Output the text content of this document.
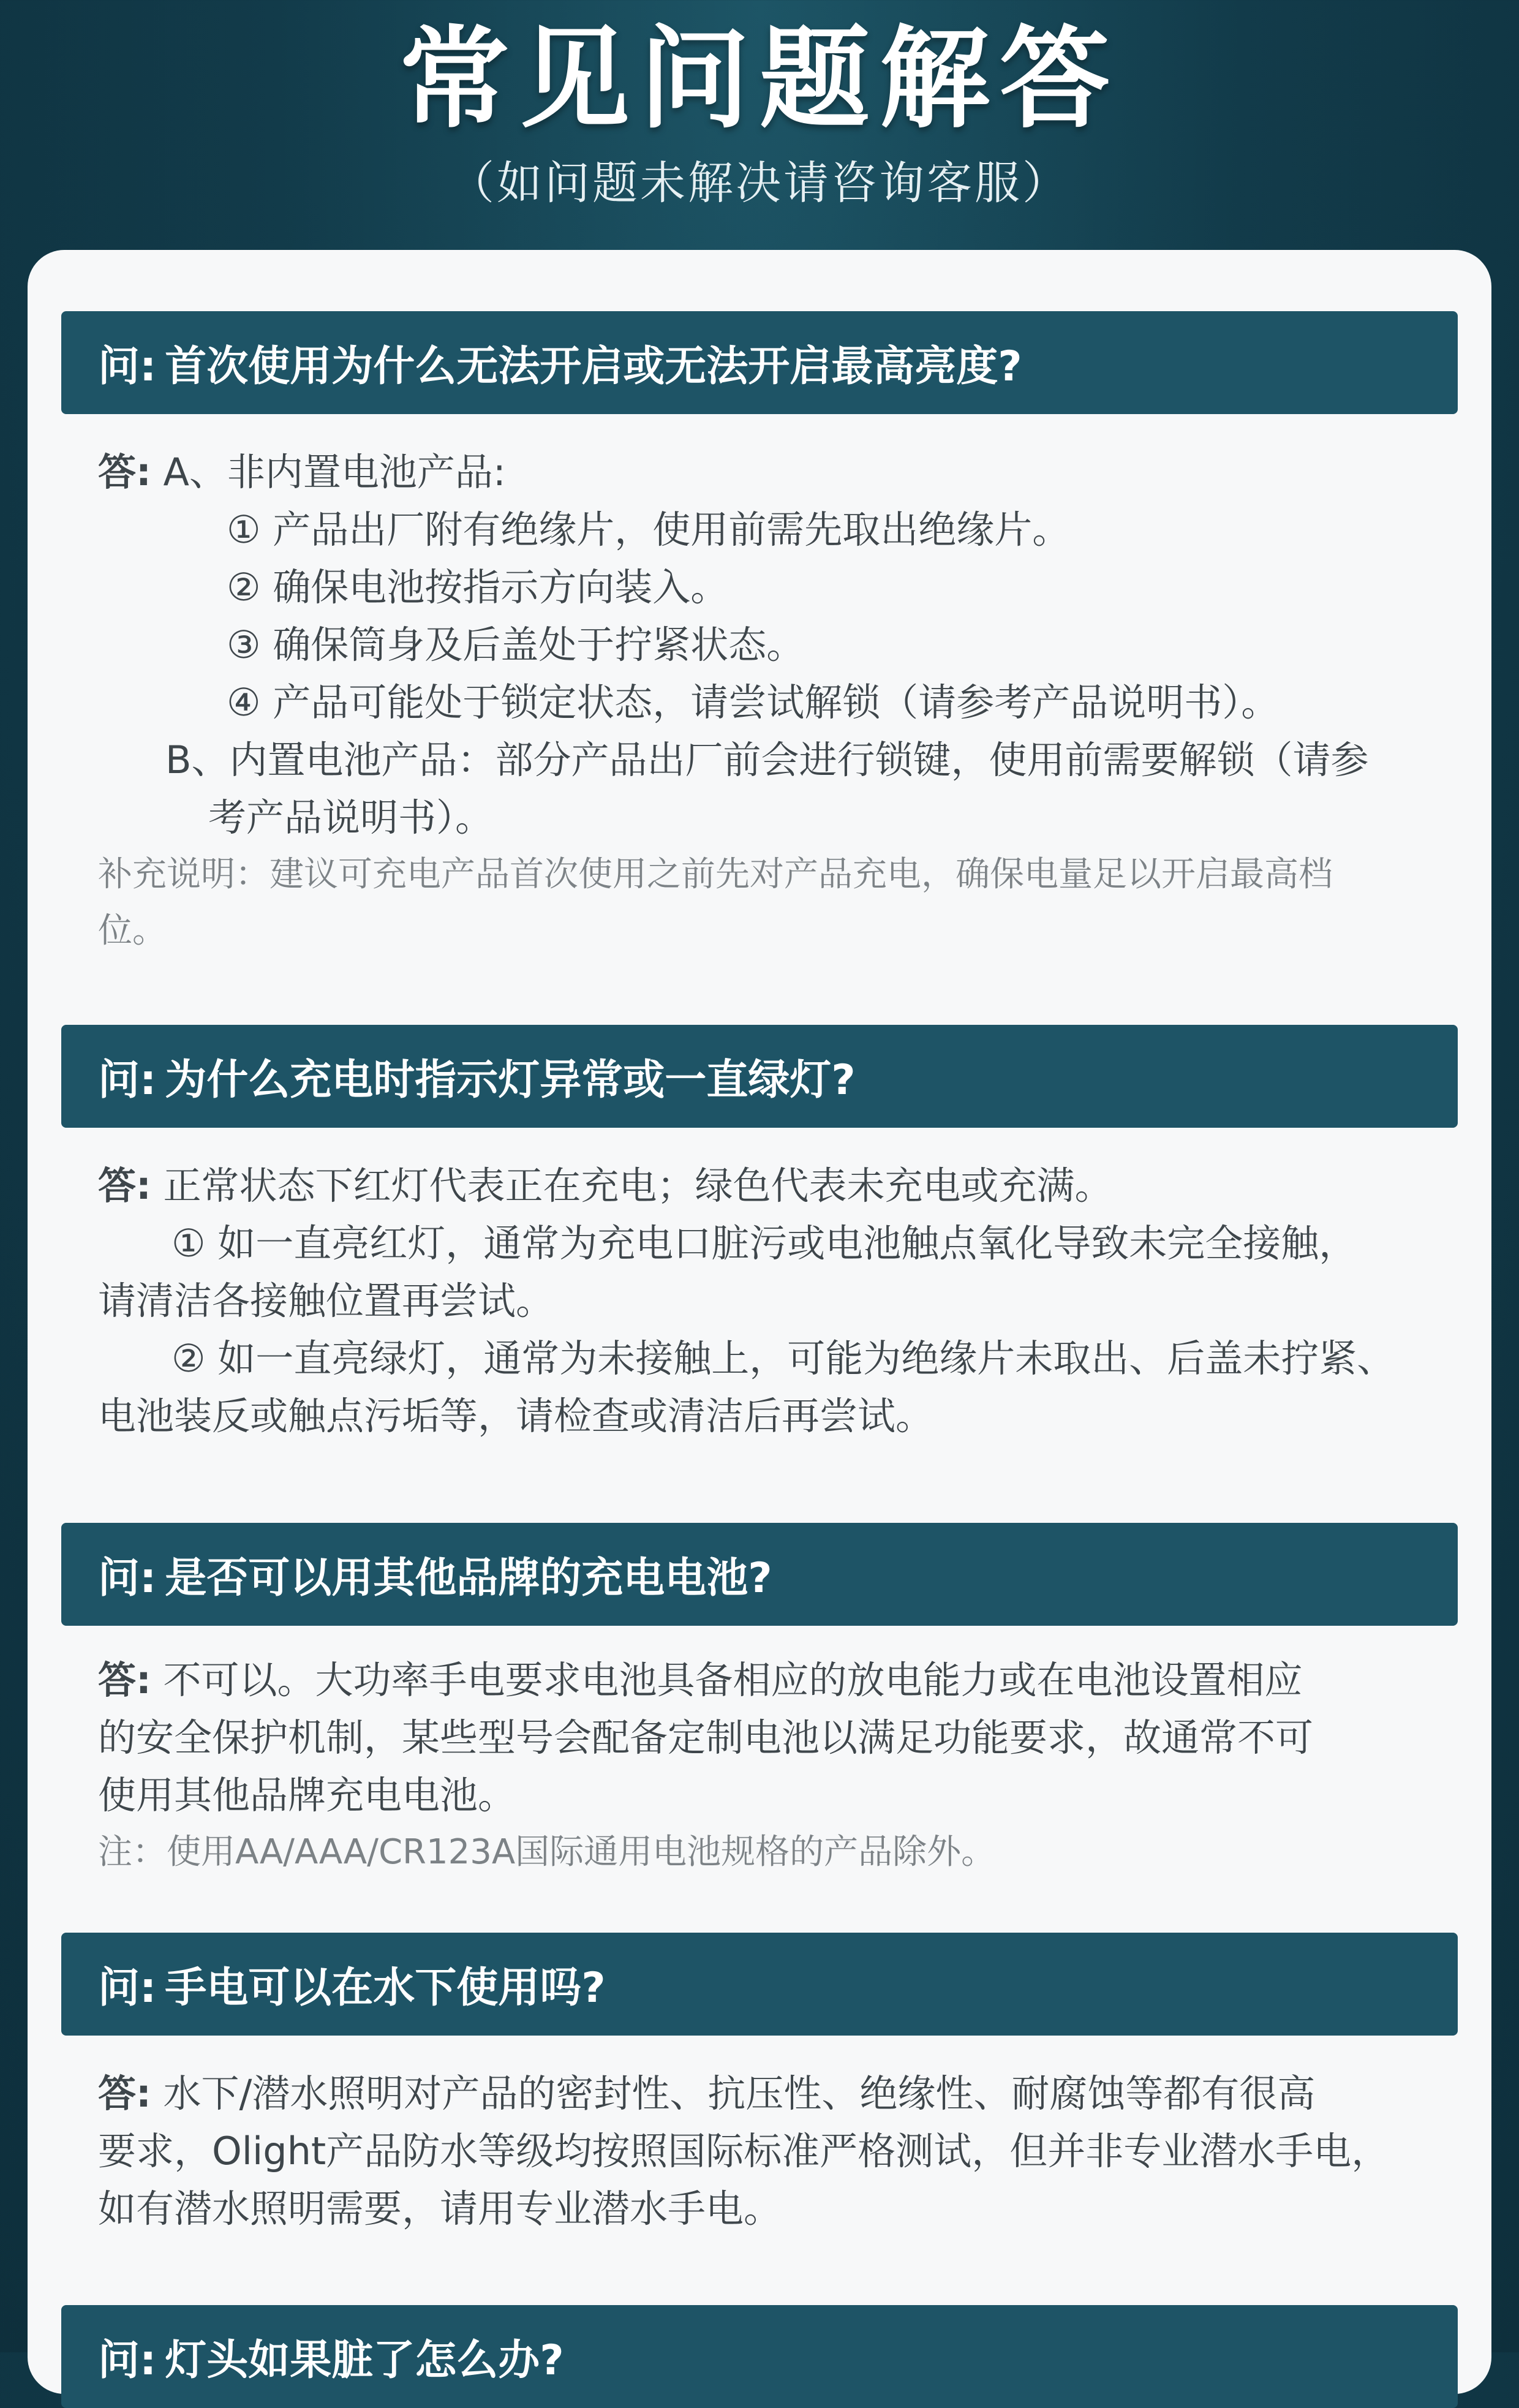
常见问题解答
（如问题未解决请咨询客服）
问: 首次使用为什么无法开启或无法开启最高亮度?
答: A、非内置电池产品:
① 产品出厂附有绝缘片，使用前需先取出绝缘片。
② 确保电池按指示方向装入。
③ 确保筒身及后盖处于拧紧状态。
④ 产品可能处于锁定状态，请尝试解锁（请参考产品说明书）。
B、内置电池产品：部分产品出厂前会进行锁键，使用前需要解锁（请参
考产品说明书）。
补充说明：建议可充电产品首次使用之前先对产品充电，确保电量足以开启最高档
位。
问: 为什么充电时指示灯异常或一直绿灯?
答: 正常状态下红灯代表正在充电；绿色代表未充电或充满。
① 如一直亮红灯，通常为充电口脏污或电池触点氧化导致未完全接触，
请清洁各接触位置再尝试。
② 如一直亮绿灯，通常为未接触上，可能为绝缘片未取出、后盖未拧紧、
电池装反或触点污垢等，请检查或清洁后再尝试。
问: 是否可以用其他品牌的充电电池?
答: 不可以。大功率手电要求电池具备相应的放电能力或在电池设置相应
的安全保护机制，某些型号会配备定制电池以满足功能要求，故通常不可
使用其他品牌充电电池。
注：使用AA/AAA/CR123A国际通用电池规格的产品除外。
问: 手电可以在水下使用吗?
答: 水下/潜水照明对产品的密封性、抗压性、绝缘性、耐腐蚀等都有很高
要求，Olight产品防水等级均按照国际标准严格测试，但并非专业潜水手电，
如有潜水照明需要，请用专业潜水手电。
问: 灯头如果脏了怎么办?
